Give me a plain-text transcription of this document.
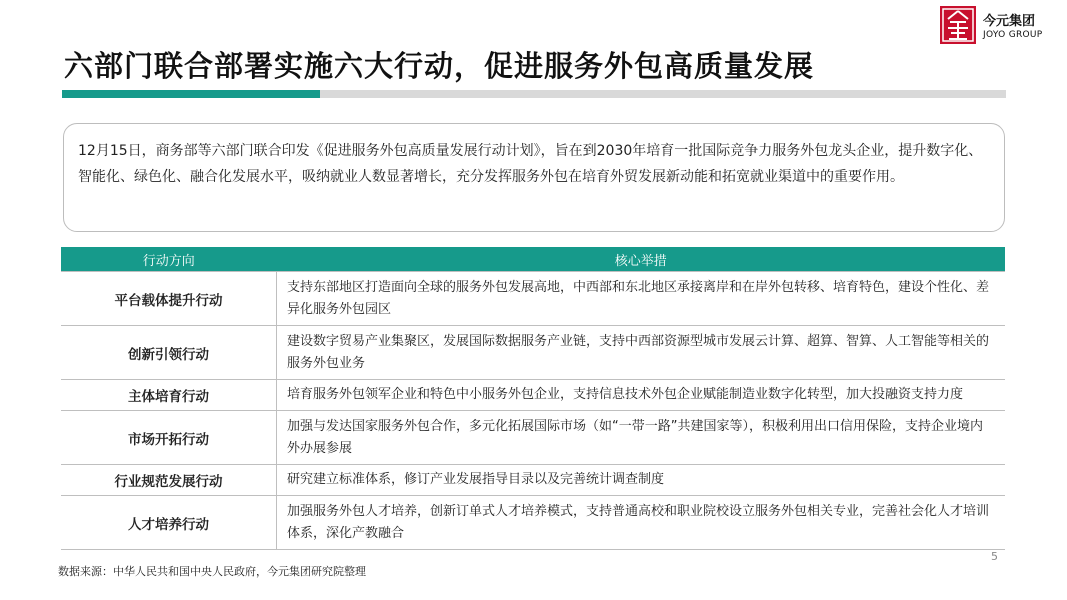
六部门联合部署实施六大行动，促进服务外包高质量发展
今元集团
JOYO GROUP
12月15日，商务部等六部门联合印发《促进服务外包高质量发展行动计划》，旨在到2030年培育一批国际竞争力服务外包龙头企业，提升数字化、智能化、绿色化、融合化发展水平，吸纳就业人数显著增长，充分发挥服务外包在培育外贸发展新动能和拓宽就业渠道中的重要作用。
行动方向	核心举措
平台载体提升行动	支持东部地区打造面向全球的服务外包发展高地，中西部和东北地区承接离岸和在岸外包转移、培育特色，建设个性化、差异化服务外包园区
创新引领行动	建设数字贸易产业集聚区，发展国际数据服务产业链，支持中西部资源型城市发展云计算、超算、智算、人工智能等相关的服务外包业务
主体培育行动	培育服务外包领军企业和特色中小服务外包企业，支持信息技术外包企业赋能制造业数字化转型，加大投融资支持力度
市场开拓行动	加强与发达国家服务外包合作，多元化拓展国际市场（如“一带一路”共建国家等），积极利用出口信用保险，支持企业境内外办展参展
行业规范发展行动	研究建立标准体系，修订产业发展指导目录以及完善统计调查制度
人才培养行动	加强服务外包人才培养，创新订单式人才培养模式，支持普通高校和职业院校设立服务外包相关专业，完善社会化人才培训体系，深化产教融合
5
数据来源：中华人民共和国中央人民政府，今元集团研究院整理
